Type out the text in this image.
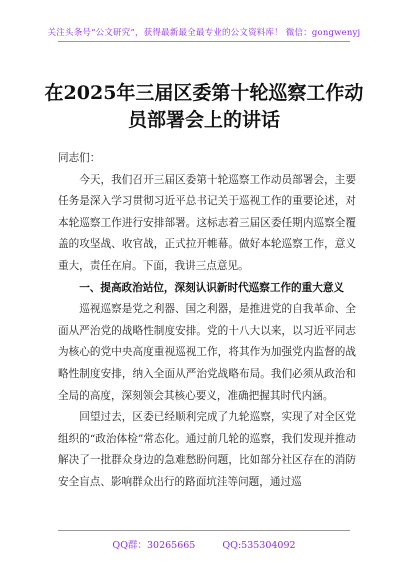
关注头条号“公文研究”，获得最新最全最专业的公文资料库！ 微信：gongwenyj
在2025年三届区委第十轮巡察工作动
员部署会上的讲话

同志们：

今天，我们召开三届区委第十轮巡察工作动员部署会，主要任务是深入学习贯彻习近平总书记关于巡视工作的重要论述，对本轮巡察工作进行安排部署。这标志着三届区委任期内巡察全覆盖的攻坚战、收官战，正式拉开帷幕。做好本轮巡察工作，意义重大，责任在肩。下面，我讲三点意见。

一、提高政治站位，深刻认识新时代巡察工作的重大意义

巡视巡察是党之利器、国之利器，是推进党的自我革命、全面从严治党的战略性制度安排。党的十八大以来，以习近平同志为核心的党中央高度重视巡视工作，将其作为加强党内监督的战略性制度安排，纳入全面从严治党战略布局。我们必须从政治和全局的高度，深刻领会其核心要义，准确把握其时代内涵。

回望过去，区委已经顺利完成了九轮巡察，实现了对全区党组织的“政治体检”常态化。通过前几轮的巡察，我们发现并推动解决了一批群众身边的急难愁盼问题，比如部分社区存在的消防安全盲点、影响群众出行的路面坑洼等问题，通过巡

QQ群：30265665	QQ:535304092
